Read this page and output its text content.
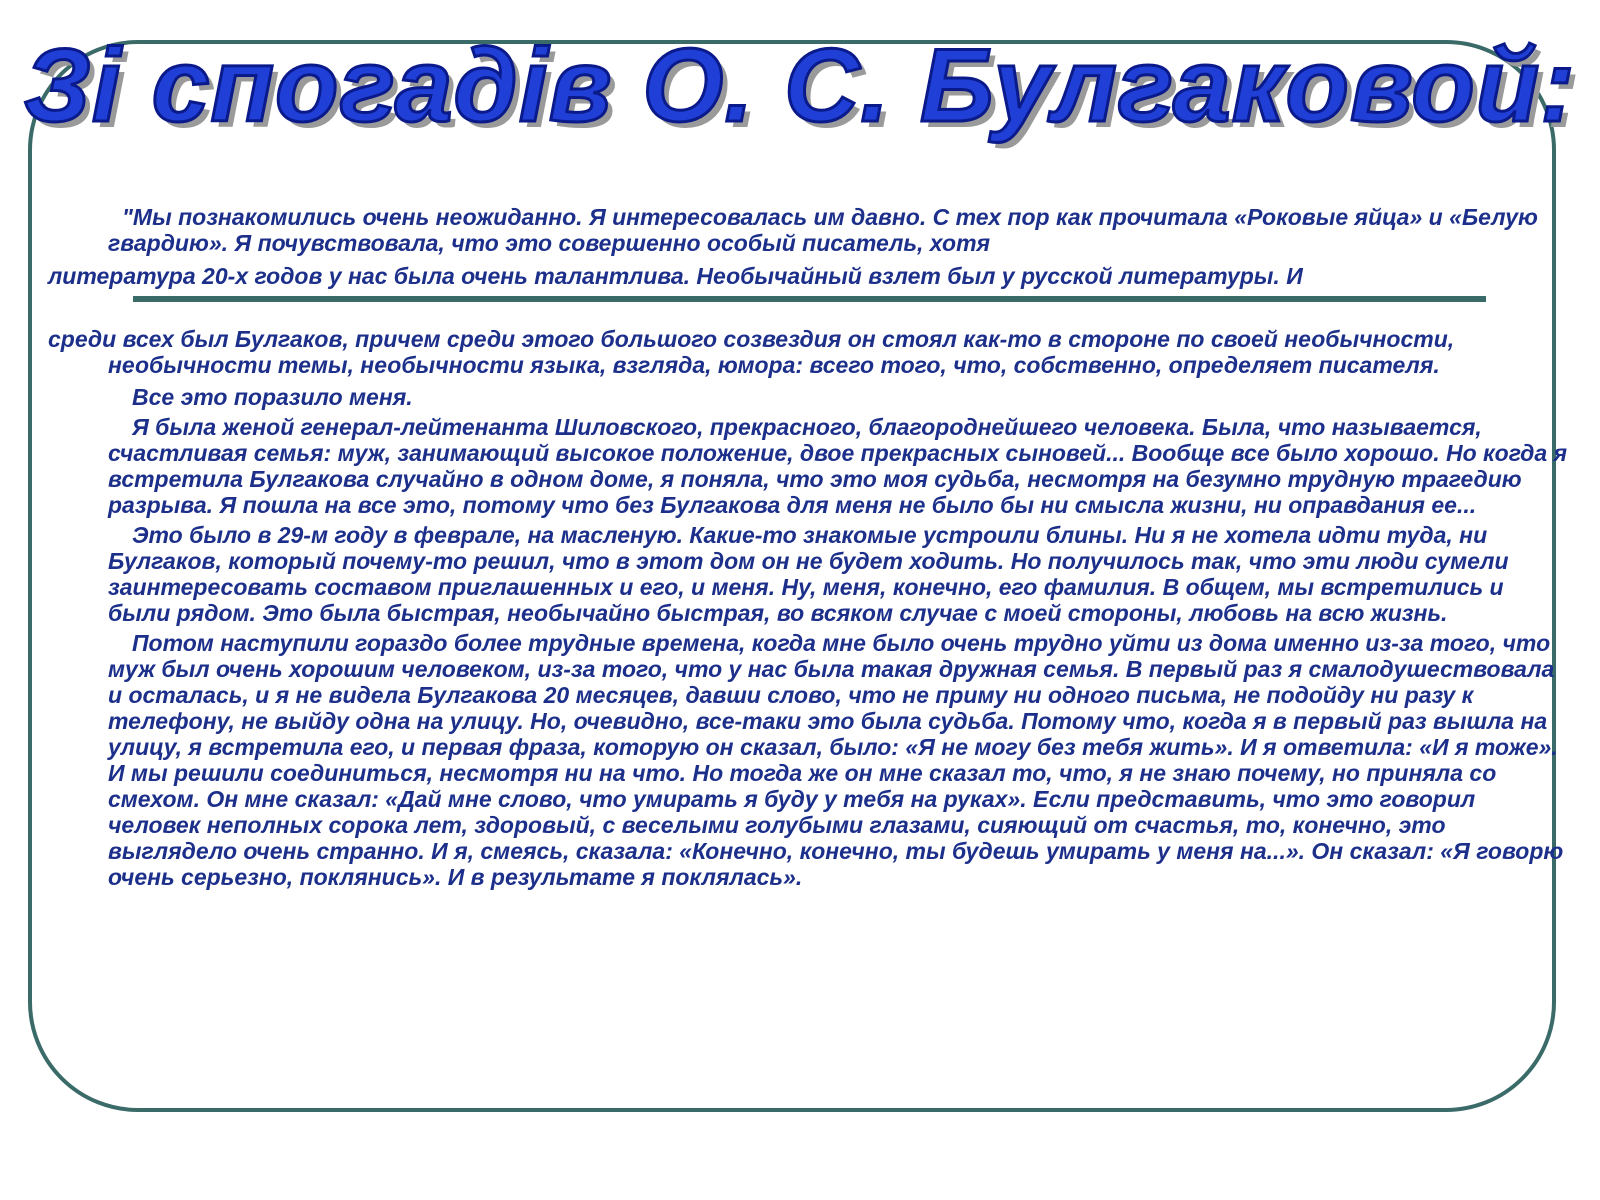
Зі спогадів О. С. Булгаковой:

"Мы познакомились очень неожиданно. Я интересовалась им давно. С тех пор как прочитала «Роковые яйца» и «Белую гвардию». Я почувствовала, что это совершенно особый писатель, хотя

литература 20-х годов у нас была очень талантлива. Необычайный взлет был у русской литературы. И

среди всех был Булгаков, причем среди этого большого созвездия он стоял как-то в стороне по своей необычности, необычности темы, необычности языка, взгляда, юмора: всего того, что, собственно, определяет писателя.

Все это поразило меня.

Я была женой генерал-лейтенанта Шиловского, прекрасного, благороднейшего человека. Была, что называется, счастливая семья: муж, занимающий высокое положение, двое прекрасных сыновей... Вообще все было хорошо. Но когда я встретила Булгакова случайно в одном доме, я поняла, что это моя судьба, несмотря на безумно трудную трагедию разрыва. Я пошла на все это, потому что без Булгакова для меня не было бы ни смысла жизни, ни оправдания ее...

Это было в 29-м году в феврале, на масленую. Какие-то знакомые устроили блины. Ни я не хотела идти туда, ни Булгаков, который почему-то решил, что в этот дом он не будет ходить. Но получилось так, что эти люди сумели заинтересовать составом приглашенных и его, и меня. Ну, меня, конечно, его фамилия. В общем, мы встретились и были рядом. Это была быстрая, необычайно быстрая, во всяком случае с моей стороны, любовь на всю жизнь.

Потом наступили гораздо более трудные времена, когда мне было очень трудно уйти из дома именно из-за того, что муж был очень хорошим человеком, из-за того, что у нас была такая дружная семья. В первый раз я смалодушествовала и осталась, и я не видела Булгакова 20 месяцев, давши слово, что не приму ни одного письма, не подойду ни разу к телефону, не выйду одна на улицу. Но, очевидно, все-таки это была судьба. Потому что, когда я в первый раз вышла на улицу, я встретила его, и первая фраза, которую он сказал, было: «Я не могу без тебя жить». И я ответила: «И я тоже». И мы решили соединиться, несмотря ни на что. Но тогда же он мне сказал то, что, я не знаю почему, но приняла со смехом. Он мне сказал: «Дай мне слово, что умирать я буду у тебя на руках». Если представить, что это говорил человек неполных сорока лет, здоровый, с веселыми голубыми глазами, сияющий от счастья, то, конечно, это выглядело очень странно. И я, смеясь, сказала: «Конечно, конечно, ты будешь умирать у меня на...». Он сказал: «Я говорю очень серьезно, поклянись». И в результате я поклялась».
